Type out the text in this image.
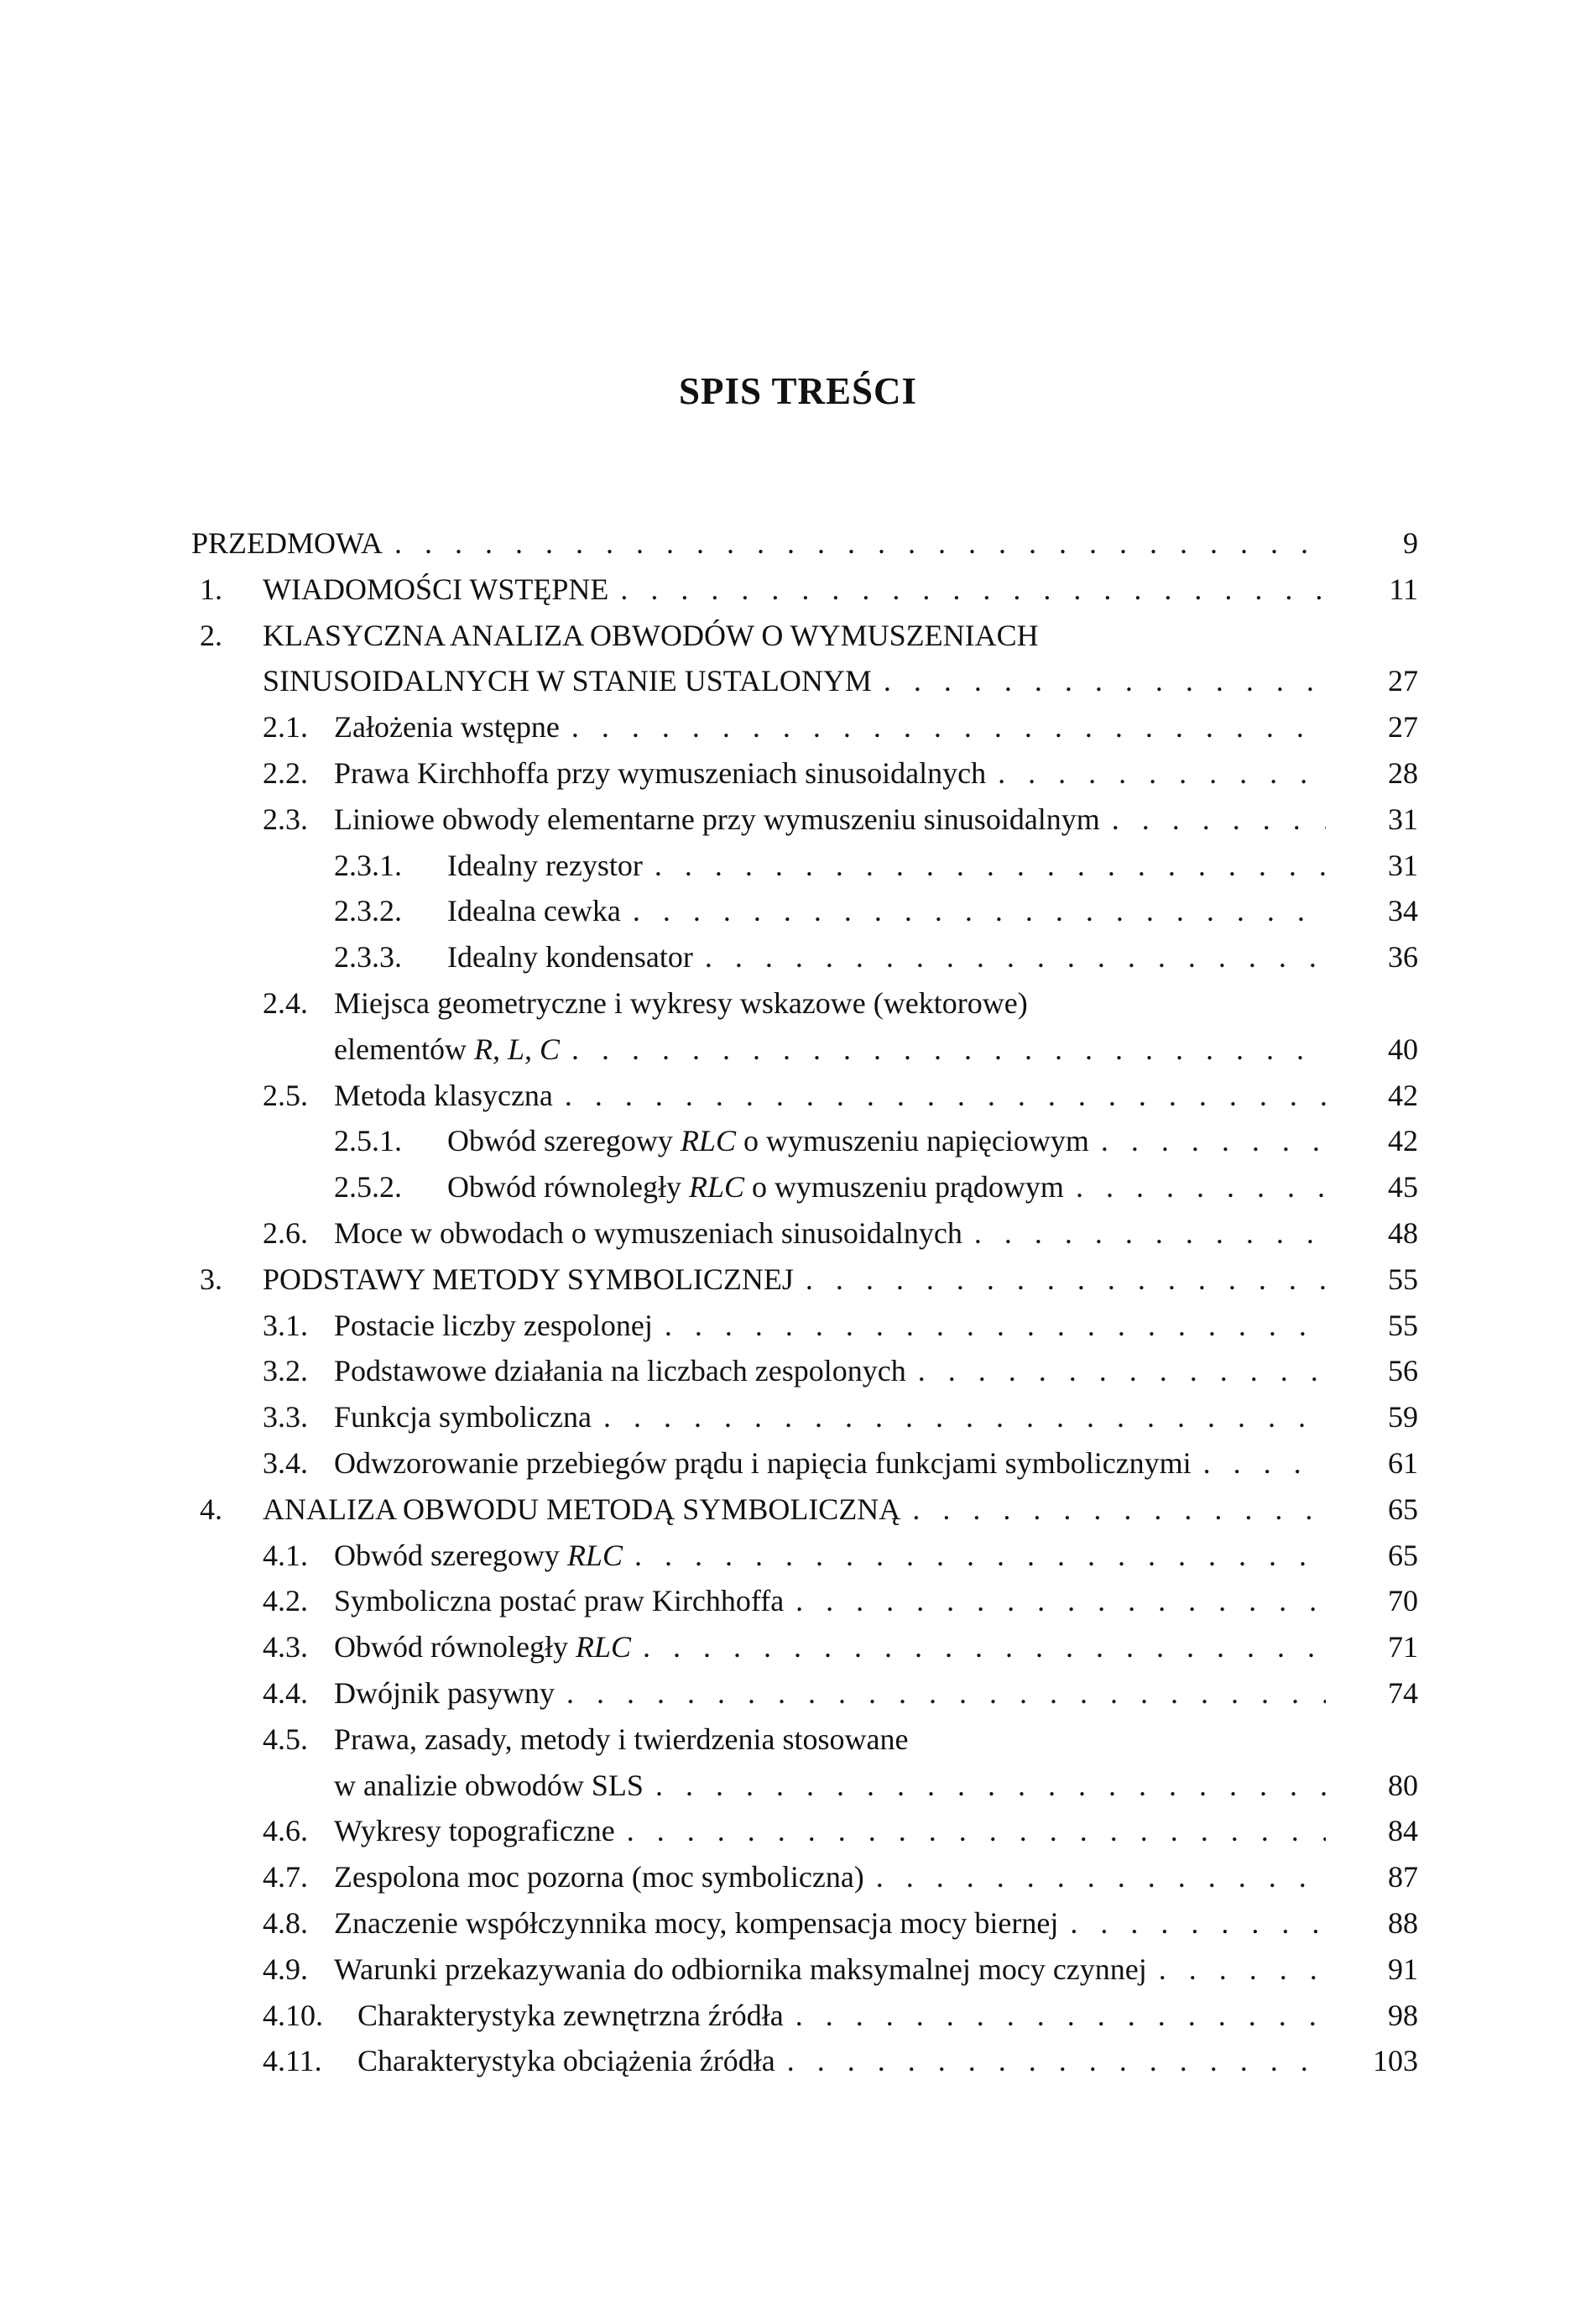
SPIS TREŚCI
PRZEDMOWA . . .	9
1. WIADOMOŚCI WSTĘPNE . . .	11
2. KLASYCZNA ANALIZA OBWODÓW O WYMUSZENIACH
SINUSOIDALNYCH W STANIE USTALONYM . . .	27
2.1. Założenia wstępne . . .	27
2.2. Prawa Kirchhoffa przy wymuszeniach sinusoidalnych . . .	28
2.3. Liniowe obwody elementarne przy wymuszeniu sinusoidalnym . . .	31
2.3.1. Idealny rezystor . . .	31
2.3.2. Idealna cewka . . .	34
2.3.3. Idealny kondensator . . .	36
2.4. Miejsca geometryczne i wykresy wskazowe (wektorowe)
elementów R, L, C . . .	40
2.5. Metoda klasyczna . . .	42
2.5.1. Obwód szeregowy RLC o wymuszeniu napięciowym . . .	42
2.5.2. Obwód równoległy RLC o wymuszeniu prądowym . . .	45
2.6. Moce w obwodach o wymuszeniach sinusoidalnych . . .	48
3. PODSTAWY METODY SYMBOLICZNEJ . . .	55
3.1. Postacie liczby zespolonej . . .	55
3.2. Podstawowe działania na liczbach zespolonych . . .	56
3.3. Funkcja symboliczna . . .	59
3.4. Odwzorowanie przebiegów prądu i napięcia funkcjami symbolicznymi . . .	61
4. ANALIZA OBWODU METODĄ SYMBOLICZNĄ . . .	65
4.1. Obwód szeregowy RLC . . .	65
4.2. Symboliczna postać praw Kirchhoffa . . .	70
4.3. Obwód równoległy RLC . . .	71
4.4. Dwójnik pasywny . . .	74
4.5. Prawa, zasady, metody i twierdzenia stosowane
w analizie obwodów SLS . . .	80
4.6. Wykresy topograficzne . . .	84
4.7. Zespolona moc pozorna (moc symboliczna) . . .	87
4.8. Znaczenie współczynnika mocy, kompensacja mocy biernej . . .	88
4.9. Warunki przekazywania do odbiornika maksymalnej mocy czynnej . . .	91
4.10. Charakterystyka zewnętrzna źródła . . .	98
4.11. Charakterystyka obciążenia źródła . . .	103
